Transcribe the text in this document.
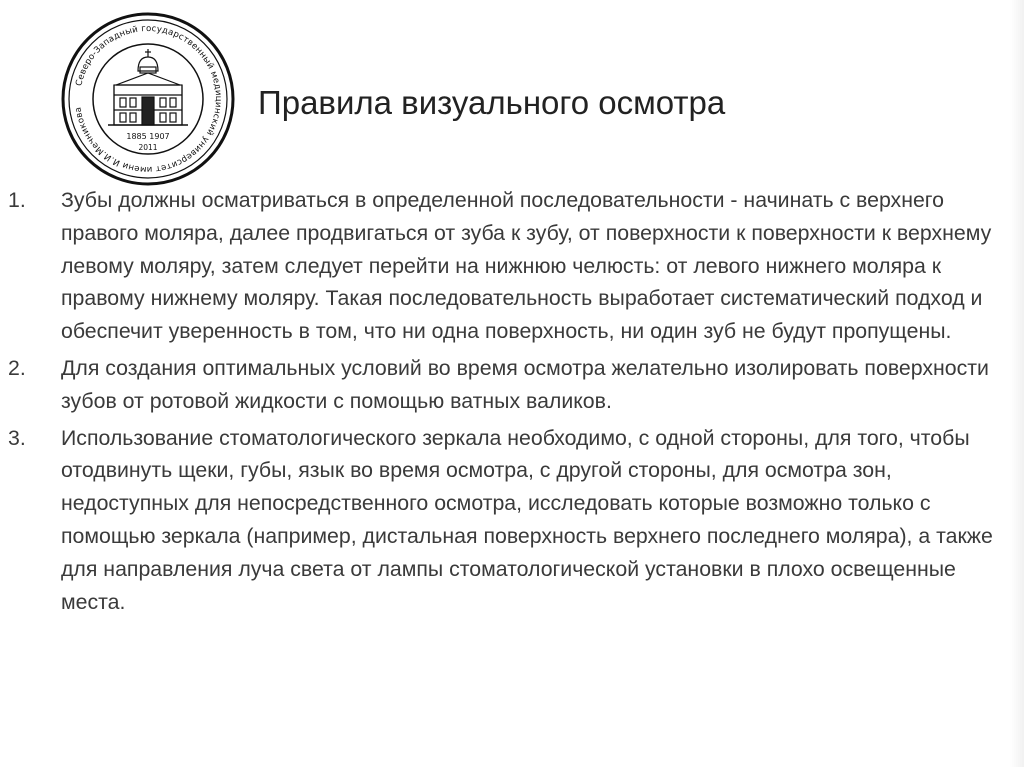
Северо-Западный государственный медицинский университет имени И.И.Мечникова
1885 1907
2011
Правила визуального осмотра
1.	Зубы должны осматриваться в определенной последовательности - начинать с верхнего правого моляра, далее продвигаться от зуба к зубу, от поверхности к поверхности к верхнему левому моляру, затем следует перейти на нижнюю челюсть: от левого нижнего моляра к правому нижнему моляру. Такая последовательность выработает систематический подход и обеспечит уверенность в том, что ни одна поверхность, ни один зуб не будут пропущены.
2.	Для создания оптимальных условий во время осмотра желательно изолировать поверхности зубов от ротовой жидкости с помощью ватных валиков.
3.	Использование стоматологического зеркала необходимо, с одной стороны, для того, чтобы отодвинуть щеки, губы, язык во время осмотра, с другой стороны, для осмотра зон, недоступных для непосредственного осмотра, исследовать которые возможно только с помощью зеркала (например, дистальная поверхность верхнего последнего моляра), а также для направления луча света от лампы стоматологической установки в плохо освещенные места.
